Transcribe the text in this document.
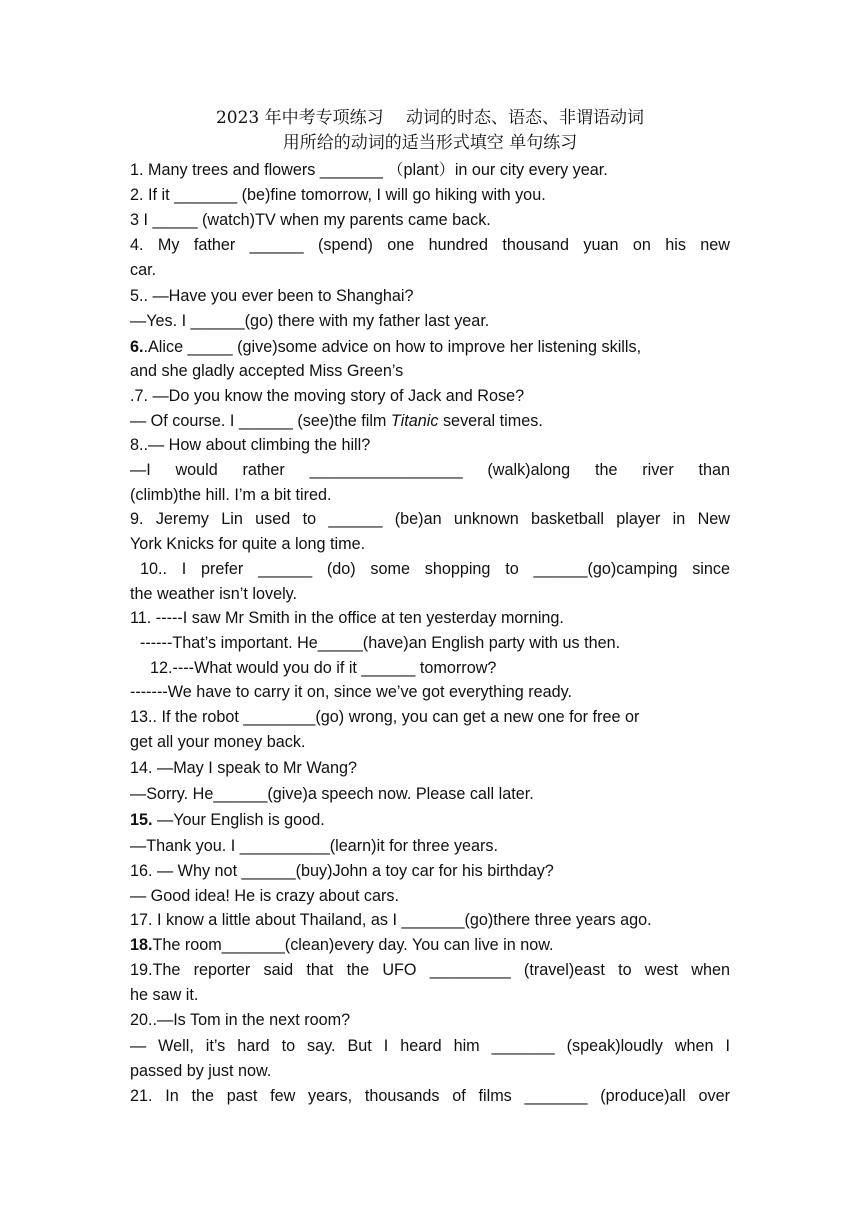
2023 年中考专项练习 　动词的时态、语态、非谓语动词
用所给的动词的适当形式填空 单句练习
1. Many trees and flowers _______ （plant）in our city every year.
2. If it _______ (be)fine tomorrow, I will go hiking with you.
3 I _____ (watch)TV when my parents came back.
4. My father ______ (spend) one hundred thousand yuan on his new
car.
5.. —Have you ever been to Shanghai?
—Yes. I ______(go) there with my father last year.
6..Alice _____ (give)some advice on how to improve her listening skills,
and she gladly accepted Miss Green’s
.7. —Do you know the moving story of Jack and Rose?
— Of course. I ______ (see)the film Titanic several times.
8..— How about climbing the hill?
—I would rather _________________ (walk)along the river than
(climb)the hill. I’m a bit tired.
9. Jeremy Lin used to ______ (be)an unknown basketball player in New
York Knicks for quite a long time.
10.. I prefer ______ (do) some shopping to ______(go)camping since
the weather isn’t lovely.
11. -----I saw Mr Smith in the office at ten yesterday morning.
------That’s important. He_____(have)an English party with us then.
12.----What would you do if it ______ tomorrow?
-------We have to carry it on, since we’ve got everything ready.
13.. If the robot ________(go) wrong, you can get a new one for free or
get all your money back.
14. —May I speak to Mr Wang?
—Sorry. He______(give)a speech now. Please call later.
15. —Your English is good.
—Thank you. I __________(learn)it for three years.
16. — Why not ______(buy)John a toy car for his birthday?
— Good idea! He is crazy about cars.
17. I know a little about Thailand, as I _______(go)there three years ago.
18.The room_______(clean)every day. You can live in now.
19.The reporter said that the UFO _________ (travel)east to west when
he saw it.
20..—Is Tom in the next room?
— Well, it’s hard to say. But I heard him _______ (speak)loudly when I
passed by just now.
21. In the past few years, thousands of films _______ (produce)all over
